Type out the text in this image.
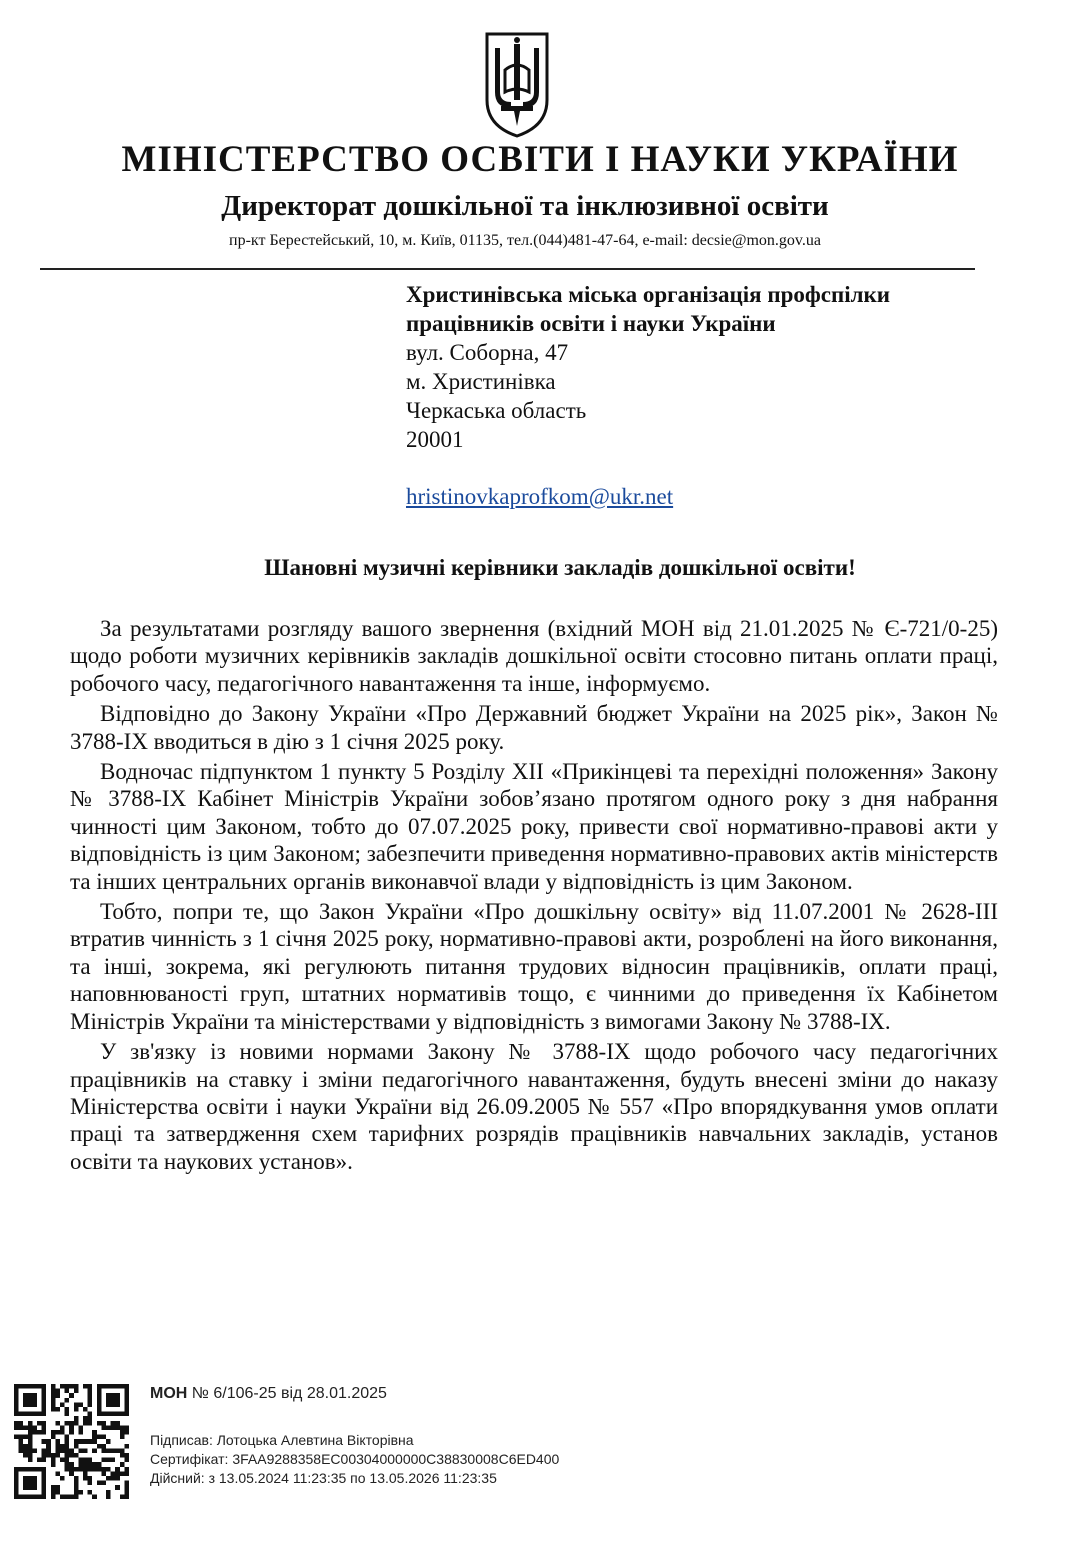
МІНІСТЕРСТВО ОСВІТИ І НАУКИ УКРАЇНИ
Директорат дошкільної та інклюзивної освіти
пр-кт Берестейський, 10, м. Київ, 01135, тел.(044)481-47-64, e-mail: decsie@mon.gov.ua
Христинівська міська організація профспілки
працівників освіти і науки України
вул. Соборна, 47
м. Христинівка
Черкаська область
20001
hristinovkaprofkom@ukr.net
Шановні музичні керівники закладів дошкільної освіти!

За результатами розгляду вашого звернення (вхідний МОН від 21.01.2025 № Є-721/0-25) щодо роботи музичних керівників закладів дошкільної освіти стосовно питань оплати праці, робочого часу, педагогічного навантаження та інше, інформуємо.

Відповідно до Закону України «Про Державний бюджет України на 2025 рік», Закон № 3788-IX вводиться в дію з 1 січня 2025 року.

Водночас підпунктом 1 пункту 5 Розділу XII «Прикінцеві та перехідні положення» Закону № 3788-IX Кабінет Міністрів України зобов’язано протягом одного року з дня набрання чинності цим Законом, тобто до 07.07.2025 року, привести свої нормативно-правові акти у відповідність із цим Законом; забезпечити приведення нормативно-правових актів міністерств та інших центральних органів виконавчої влади у відповідність із цим Законом.

Тобто, попри те, що Закон України «Про дошкільну освіту» від 11.07.2001 № 2628-III втратив чинність з 1 січня 2025 року, нормативно-правові акти, розроблені на його виконання, та інші, зокрема, які регулюють питання трудових відносин працівників, оплати праці, наповнюваності груп, штатних нормативів тощо, є чинними до приведення їх Кабінетом Міністрів України та міністерствами у відповідність з вимогами Закону № 3788-IX.

У зв'язку із новими нормами Закону № 3788-IX щодо робочого часу педагогічних працівників на ставку і зміни педагогічного навантаження, будуть внесені зміни до наказу Міністерства освіти і науки України від 26.09.2005 № 557 «Про впорядкування умов оплати праці та затвердження схем тарифних розрядів працівників навчальних закладів, установ освіти та наукових установ».

МОН № 6/106-25 від 28.01.2025
Підписав: Лотоцька Алевтина Вікторівна
Сертифікат: 3FAA9288358EC00304000000C38830008C6ED400
Дійсний: з 13.05.2024 11:23:35 по 13.05.2026 11:23:35
